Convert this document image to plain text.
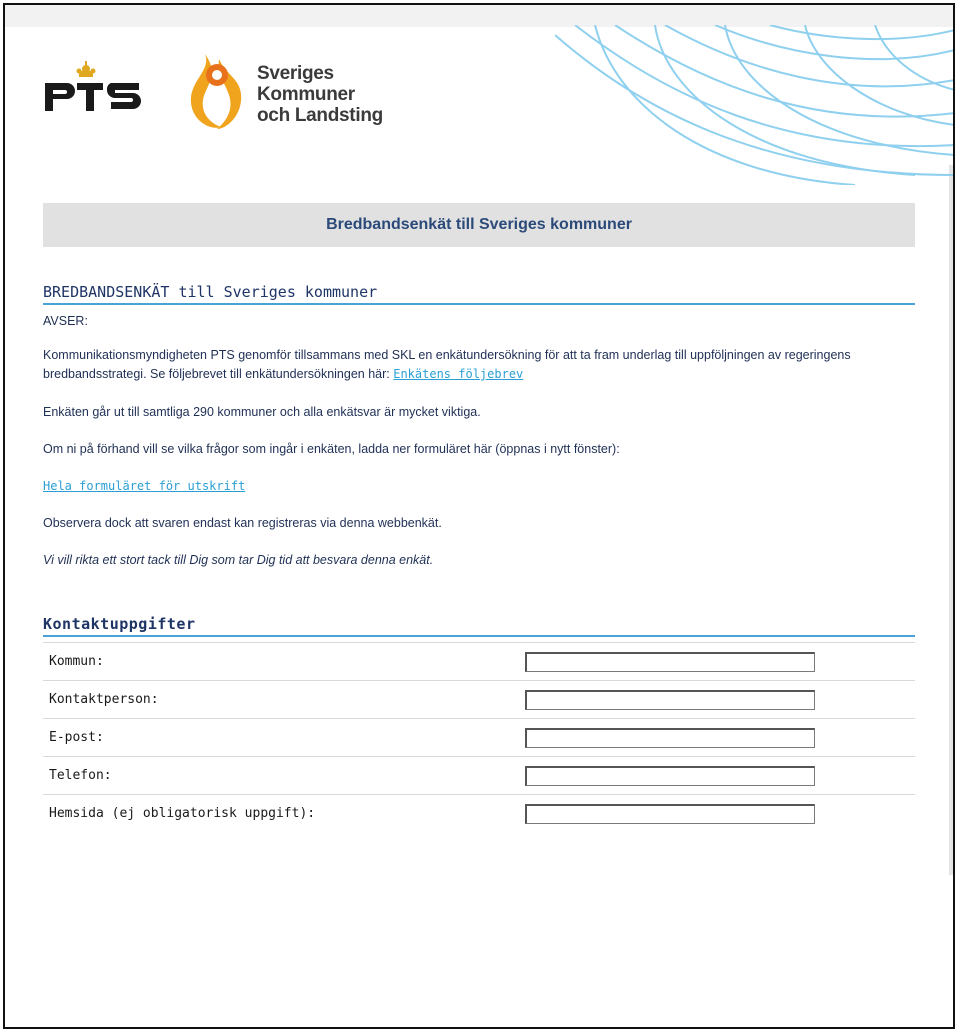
Sveriges
Kommuner
och Landsting
Bredbandsenkät till Sveriges kommuner
BREDBANDSENKÄT till Sveriges kommuner
AVSER:
Kommunikationsmyndigheten PTS genomför tillsammans med SKL en enkätundersökning för att ta fram underlag till uppföljningen av regeringens bredbandsstrategi. Se följebrevet till enkätundersökningen här: Enkätens följebrev
Enkäten går ut till samtliga 290 kommuner och alla enkätsvar är mycket viktiga.
Om ni på förhand vill se vilka frågor som ingår i enkäten, ladda ner formuläret här (öppnas i nytt fönster):
Hela formuläret för utskrift
Observera dock att svaren endast kan registreras via denna webbenkät.
Vi vill rikta ett stort tack till Dig som tar Dig tid att besvara denna enkät.
Kontaktuppgifter
Kommun:
Kontaktperson:
E-post:
Telefon:
Hemsida (ej obligatorisk uppgift):
